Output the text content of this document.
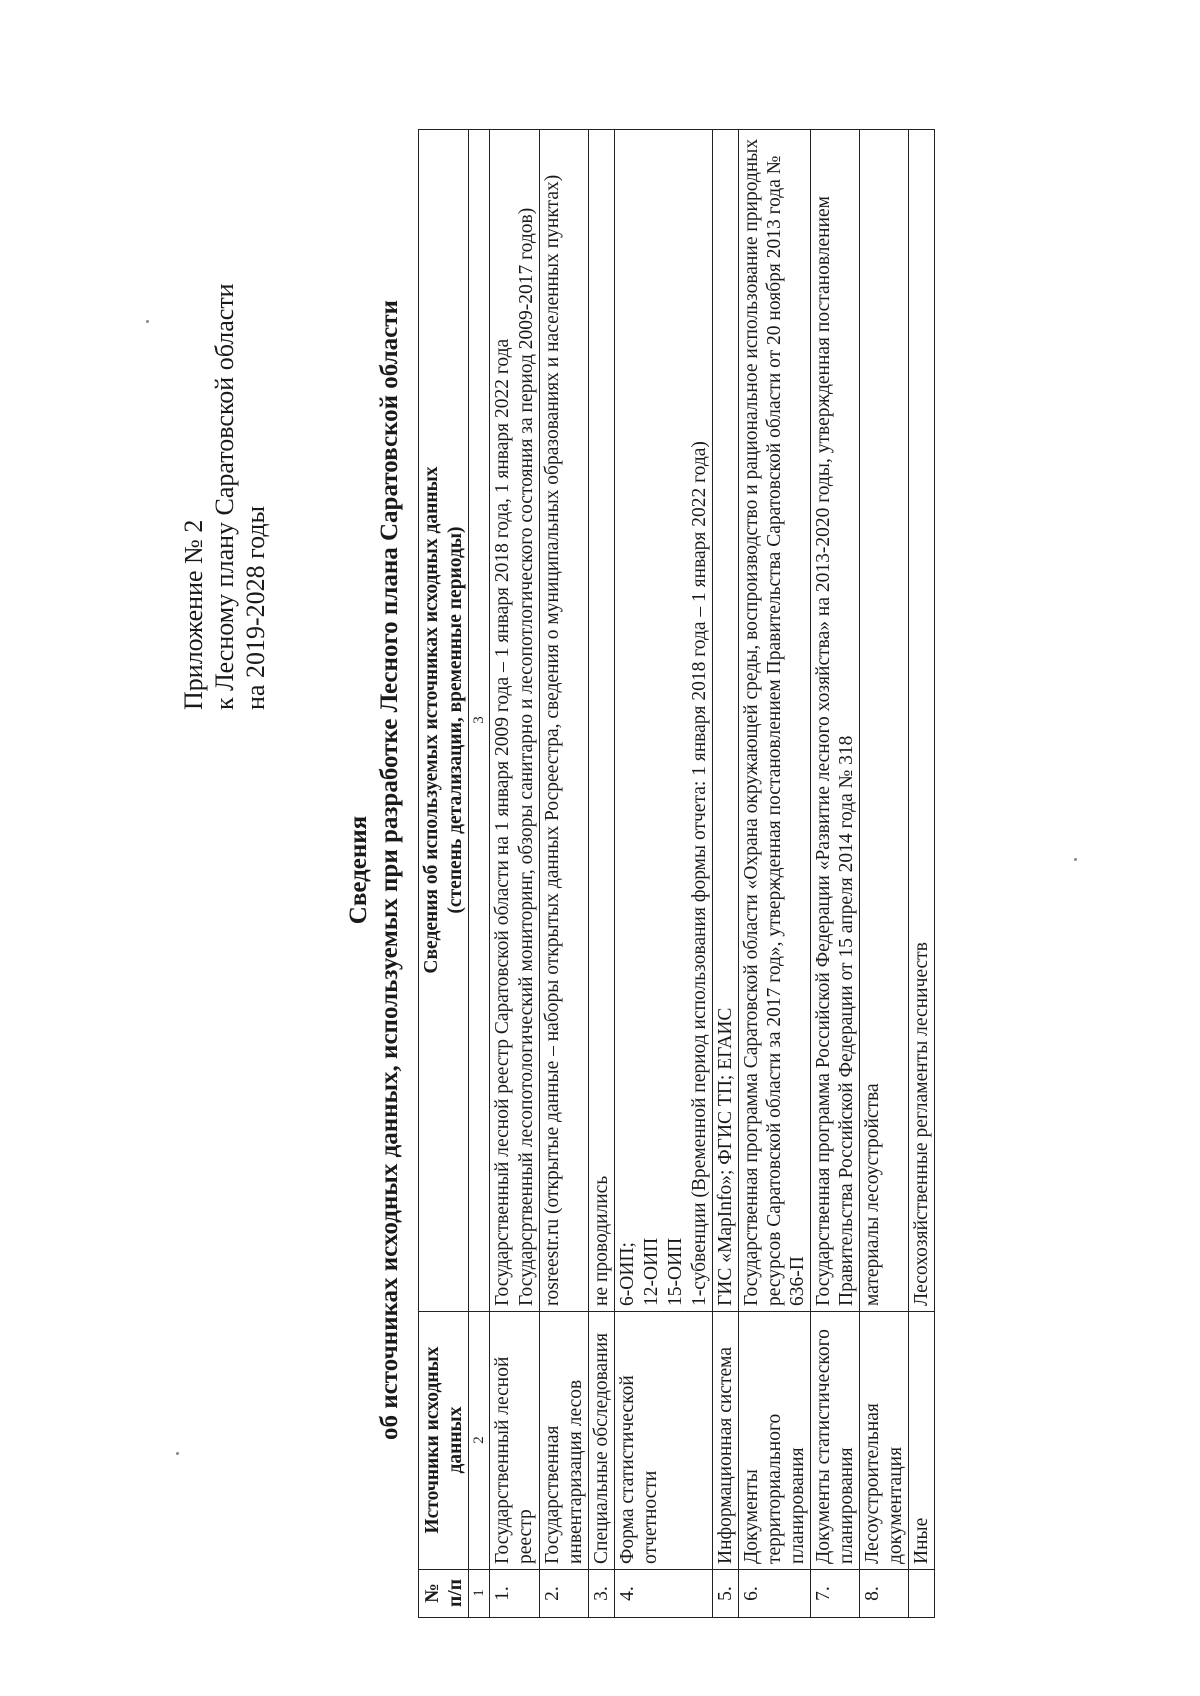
Приложение № 2 к Лесному плану Саратовской области на 2019-2028 годы
Сведения об источниках исходных данных, используемых при разработке Лесного плана Саратовской области
№ п/п	Источники исходных данных	Сведения об используемых источниках исходных данных (степень детализации, временные периоды)

1	2	3
1.	Государственный лесной реестр	Государственный лесной реестр Саратовской области на 1 января 2009 года – 1 января 2018 года, 1 января 2022 года Государсртвенный лесопотологический мониторинг, обзоры санитарно и лесопотлогического состояния за период 2009-2017 годов)

2.	Государственная инвентаризация лесов	rosreestr.ru (открытые данные – наборы открытых данных Росреестра, сведения о муниципальных образованиях и населенных пунктах)

3.	Специальные обследования	не проводились

4.	Форма статистической отчетности	6-ОИП; 12-ОИП 15-ОИП 1-субвенции (Временной период использования формы отчета: 1 января 2018 года – 1 января 2022 года)

5.	Информационная система	ГИС «MapInfo»; ФГИС ТП; ЕГАИС

6.	Документы территориального планирования	Государственная программа Саратовской области «Охрана окружающей среды, воспроизводство и рациональное использование природных ресурсов Саратовской области за 2017 год», утвержденная постановлением Правительства Саратовской области от 20 ноября 2013 года № 636-П

7.	Документы статистического планирования	Государственная программа Российской Федерации «Развитие лесного хозяйства» на 2013-2020 годы, утвержденная постановлением Правительства Российской Федерации от 15 апреля 2014 года № 318

8.	Лесоустроительная документация	материалы лесоустройства

	Иные	Лесохозяйственные регламенты лесничеств
